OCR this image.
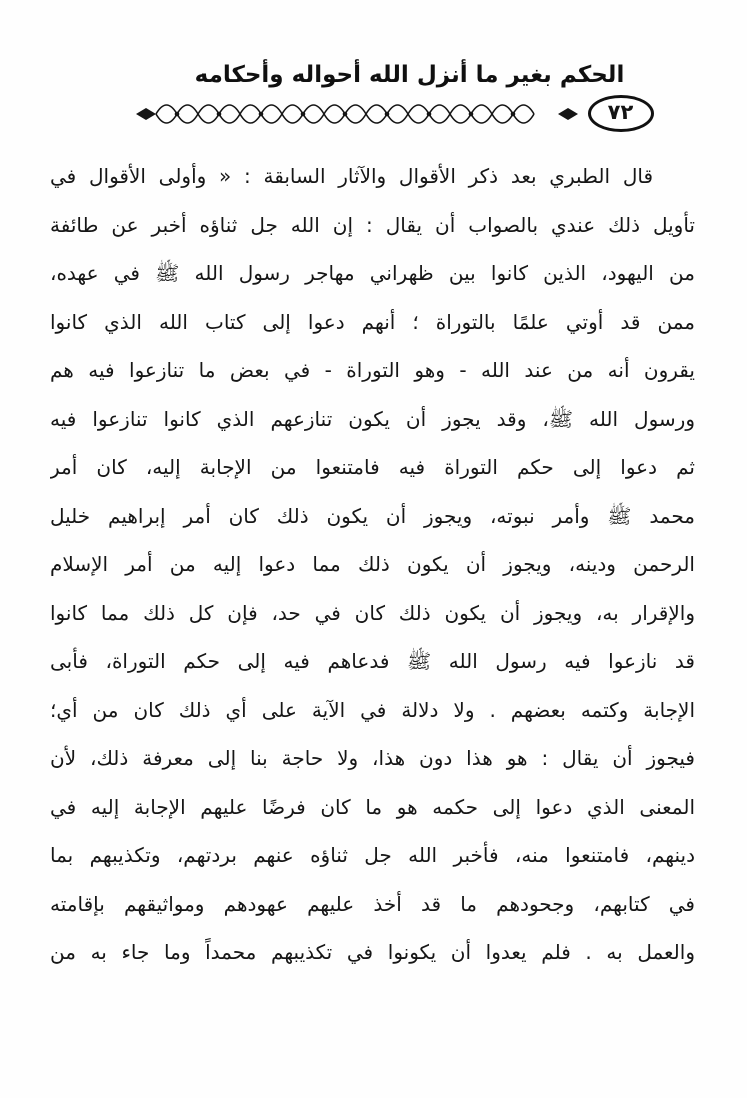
الحكم بغير ما أنزل الله أحواله وأحكامه
٧٢
قال الطبري بعد ذكر الأقوال والآثار السابقة : « وأولى الأقوال في
تأويل ذلك عندي بالصواب أن يقال : إن الله جل ثناؤه أخبر عن طائفة
من اليهود، الذين كانوا بين ظهراني مهاجر رسول الله ﷺ في عهده،
ممن قد أوتي علمًا بالتوراة ؛ أنهم دعوا إلى كتاب الله الذي كانوا
يقرون أنه من عند الله - وهو التوراة - في بعض ما تنازعوا فيه هم
ورسول الله ﷺ، وقد يجوز أن يكون تنازعهم الذي كانوا تنازعوا فيه
ثم دعوا إلى حكم التوراة فيه فامتنعوا من الإجابة إليه، كان أمر
محمد ﷺ وأمر نبوته، ويجوز أن يكون ذلك كان أمر إبراهيم خليل
الرحمن ودينه، ويجوز أن يكون ذلك مما دعوا إليه من أمر الإسلام
والإقرار به، ويجوز أن يكون ذلك كان في حد، فإن كل ذلك مما كانوا
قد نازعوا فيه رسول الله ﷺ فدعاهم فيه إلى حكم التوراة، فأبى
الإجابة وكتمه بعضهم . ولا دلالة في الآية على أي ذلك كان من أي؛
فيجوز أن يقال : هو هذا دون هذا، ولا حاجة بنا إلى معرفة ذلك، لأن
المعنى الذي دعوا إلى حكمه هو ما كان فرضًا عليهم الإجابة إليه في
دينهم، فامتنعوا منه، فأخبر الله جل ثناؤه عنهم بردتهم، وتكذيبهم بما
في كتابهم، وجحودهم ما قد أخذ عليهم عهودهم ومواثيقهم بإقامته
والعمل به . فلم يعدوا أن يكونوا في تكذيبهم محمداً وما جاء به من
